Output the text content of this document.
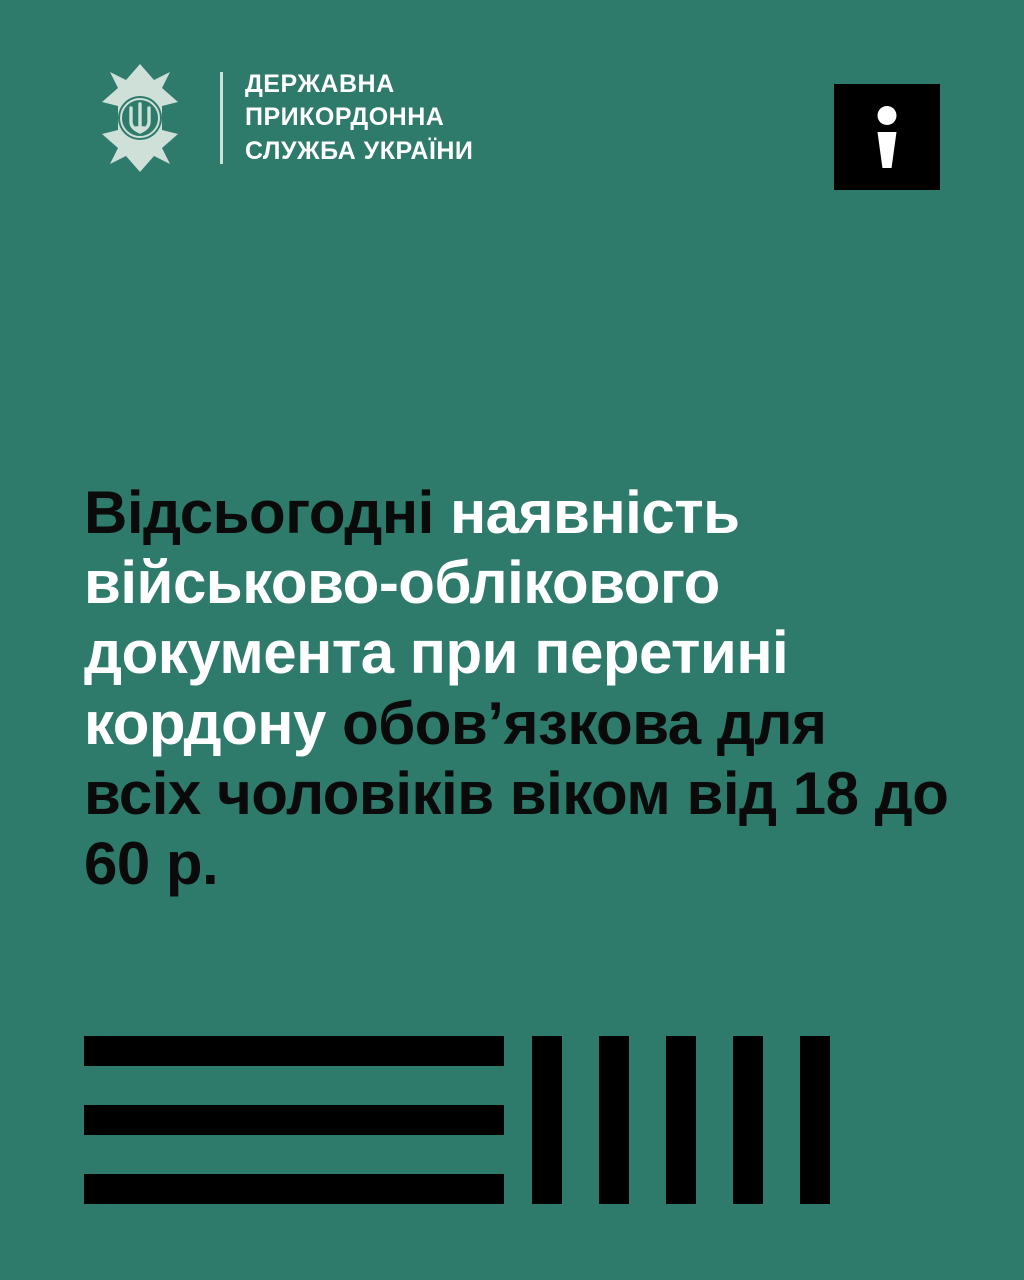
ДЕРЖАВНА
ПРИКОРДОННА
СЛУЖБА УКРАЇНИ
Відсьогодні наявність військово-облікового документа при перетині кордону обов’язкова для всіх чоловіків віком від 18 до 60 р.
